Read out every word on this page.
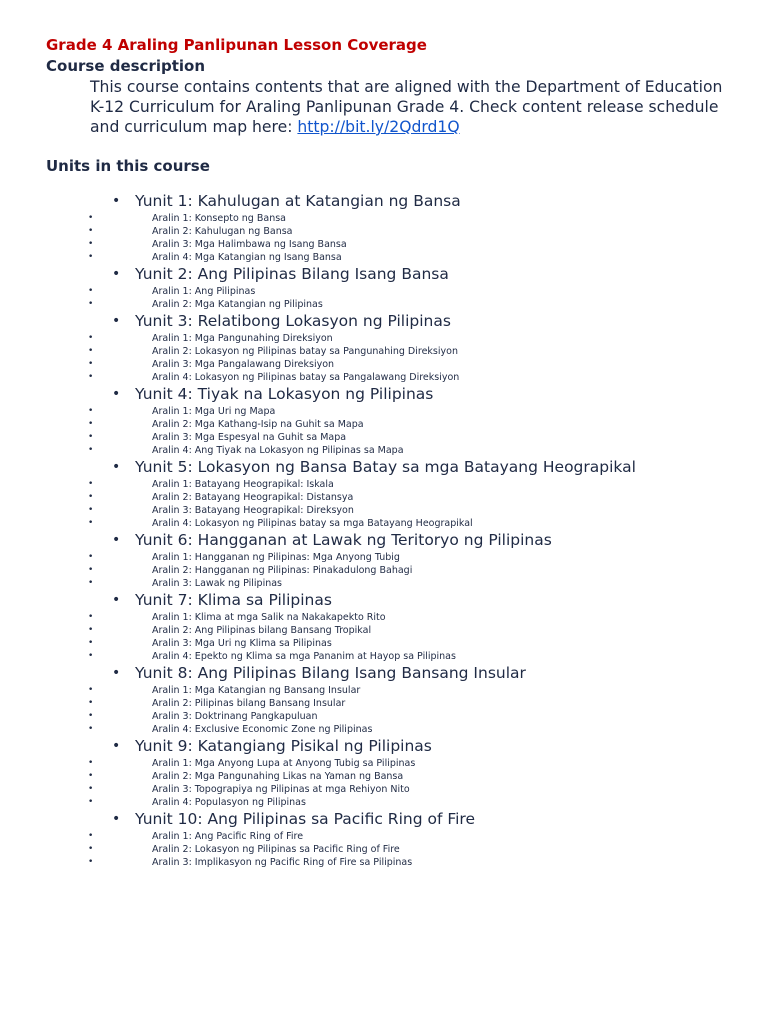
Grade 4 Araling Panlipunan Lesson Coverage
Course description
This course contains contents that are aligned with the Department of Education K-12 Curriculum for Araling Panlipunan Grade 4. Check content release schedule and curriculum map here: http://bit.ly/2Qdrd1Q
Units in this course
• Yunit 1: Kahulugan at Katangian ng Bansa
•	Aralin 1: Konsepto ng Bansa
•	Aralin 2: Kahulugan ng Bansa
•	Aralin 3: Mga Halimbawa ng Isang Bansa
•	Aralin 4: Mga Katangian ng Isang Bansa
• Yunit 2: Ang Pilipinas Bilang Isang Bansa
•	Aralin 1: Ang Pilipinas
•	Aralin 2: Mga Katangian ng Pilipinas
• Yunit 3: Relatibong Lokasyon ng Pilipinas
•	Aralin 1: Mga Pangunahing Direksiyon
•	Aralin 2: Lokasyon ng Pilipinas batay sa Pangunahing Direksiyon
•	Aralin 3: Mga Pangalawang Direksiyon
•	Aralin 4: Lokasyon ng Pilipinas batay sa Pangalawang Direksiyon
• Yunit 4: Tiyak na Lokasyon ng Pilipinas
•	Aralin 1: Mga Uri ng Mapa
•	Aralin 2: Mga Kathang-Isip na Guhit sa Mapa
•	Aralin 3: Mga Espesyal na Guhit sa Mapa
•	Aralin 4: Ang Tiyak na Lokasyon ng Pilipinas sa Mapa
• Yunit 5: Lokasyon ng Bansa Batay sa mga Batayang Heograpikal
•	Aralin 1: Batayang Heograpikal: Iskala
•	Aralin 2: Batayang Heograpikal: Distansya
•	Aralin 3: Batayang Heograpikal: Direksyon
•	Aralin 4: Lokasyon ng Pilipinas batay sa mga Batayang Heograpikal
• Yunit 6: Hangganan at Lawak ng Teritoryo ng Pilipinas
•	Aralin 1: Hangganan ng Pilipinas: Mga Anyong Tubig
•	Aralin 2: Hangganan ng Pilipinas: Pinakadulong Bahagi
•	Aralin 3: Lawak ng Pilipinas
• Yunit 7: Klima sa Pilipinas
•	Aralin 1: Klima at mga Salik na Nakakapekto Rito
•	Aralin 2: Ang Pilipinas bilang Bansang Tropikal
•	Aralin 3: Mga Uri ng Klima sa Pilipinas
•	Aralin 4: Epekto ng Klima sa mga Pananim at Hayop sa Pilipinas
• Yunit 8: Ang Pilipinas Bilang Isang Bansang Insular
•	Aralin 1: Mga Katangian ng Bansang Insular
•	Aralin 2: Pilipinas bilang Bansang Insular
•	Aralin 3: Doktrinang Pangkapuluan
•	Aralin 4: Exclusive Economic Zone ng Pilipinas
• Yunit 9: Katangiang Pisikal ng Pilipinas
•	Aralin 1: Mga Anyong Lupa at Anyong Tubig sa Pilipinas
•	Aralin 2: Mga Pangunahing Likas na Yaman ng Bansa
•	Aralin 3: Topograpiya ng Pilipinas at mga Rehiyon Nito
•	Aralin 4: Populasyon ng Pilipinas
• Yunit 10: Ang Pilipinas sa Pacific Ring of Fire
•	Aralin 1: Ang Pacific Ring of Fire
•	Aralin 2: Lokasyon ng Pilipinas sa Pacific Ring of Fire
•	Aralin 3: Implikasyon ng Pacific Ring of Fire sa Pilipinas
